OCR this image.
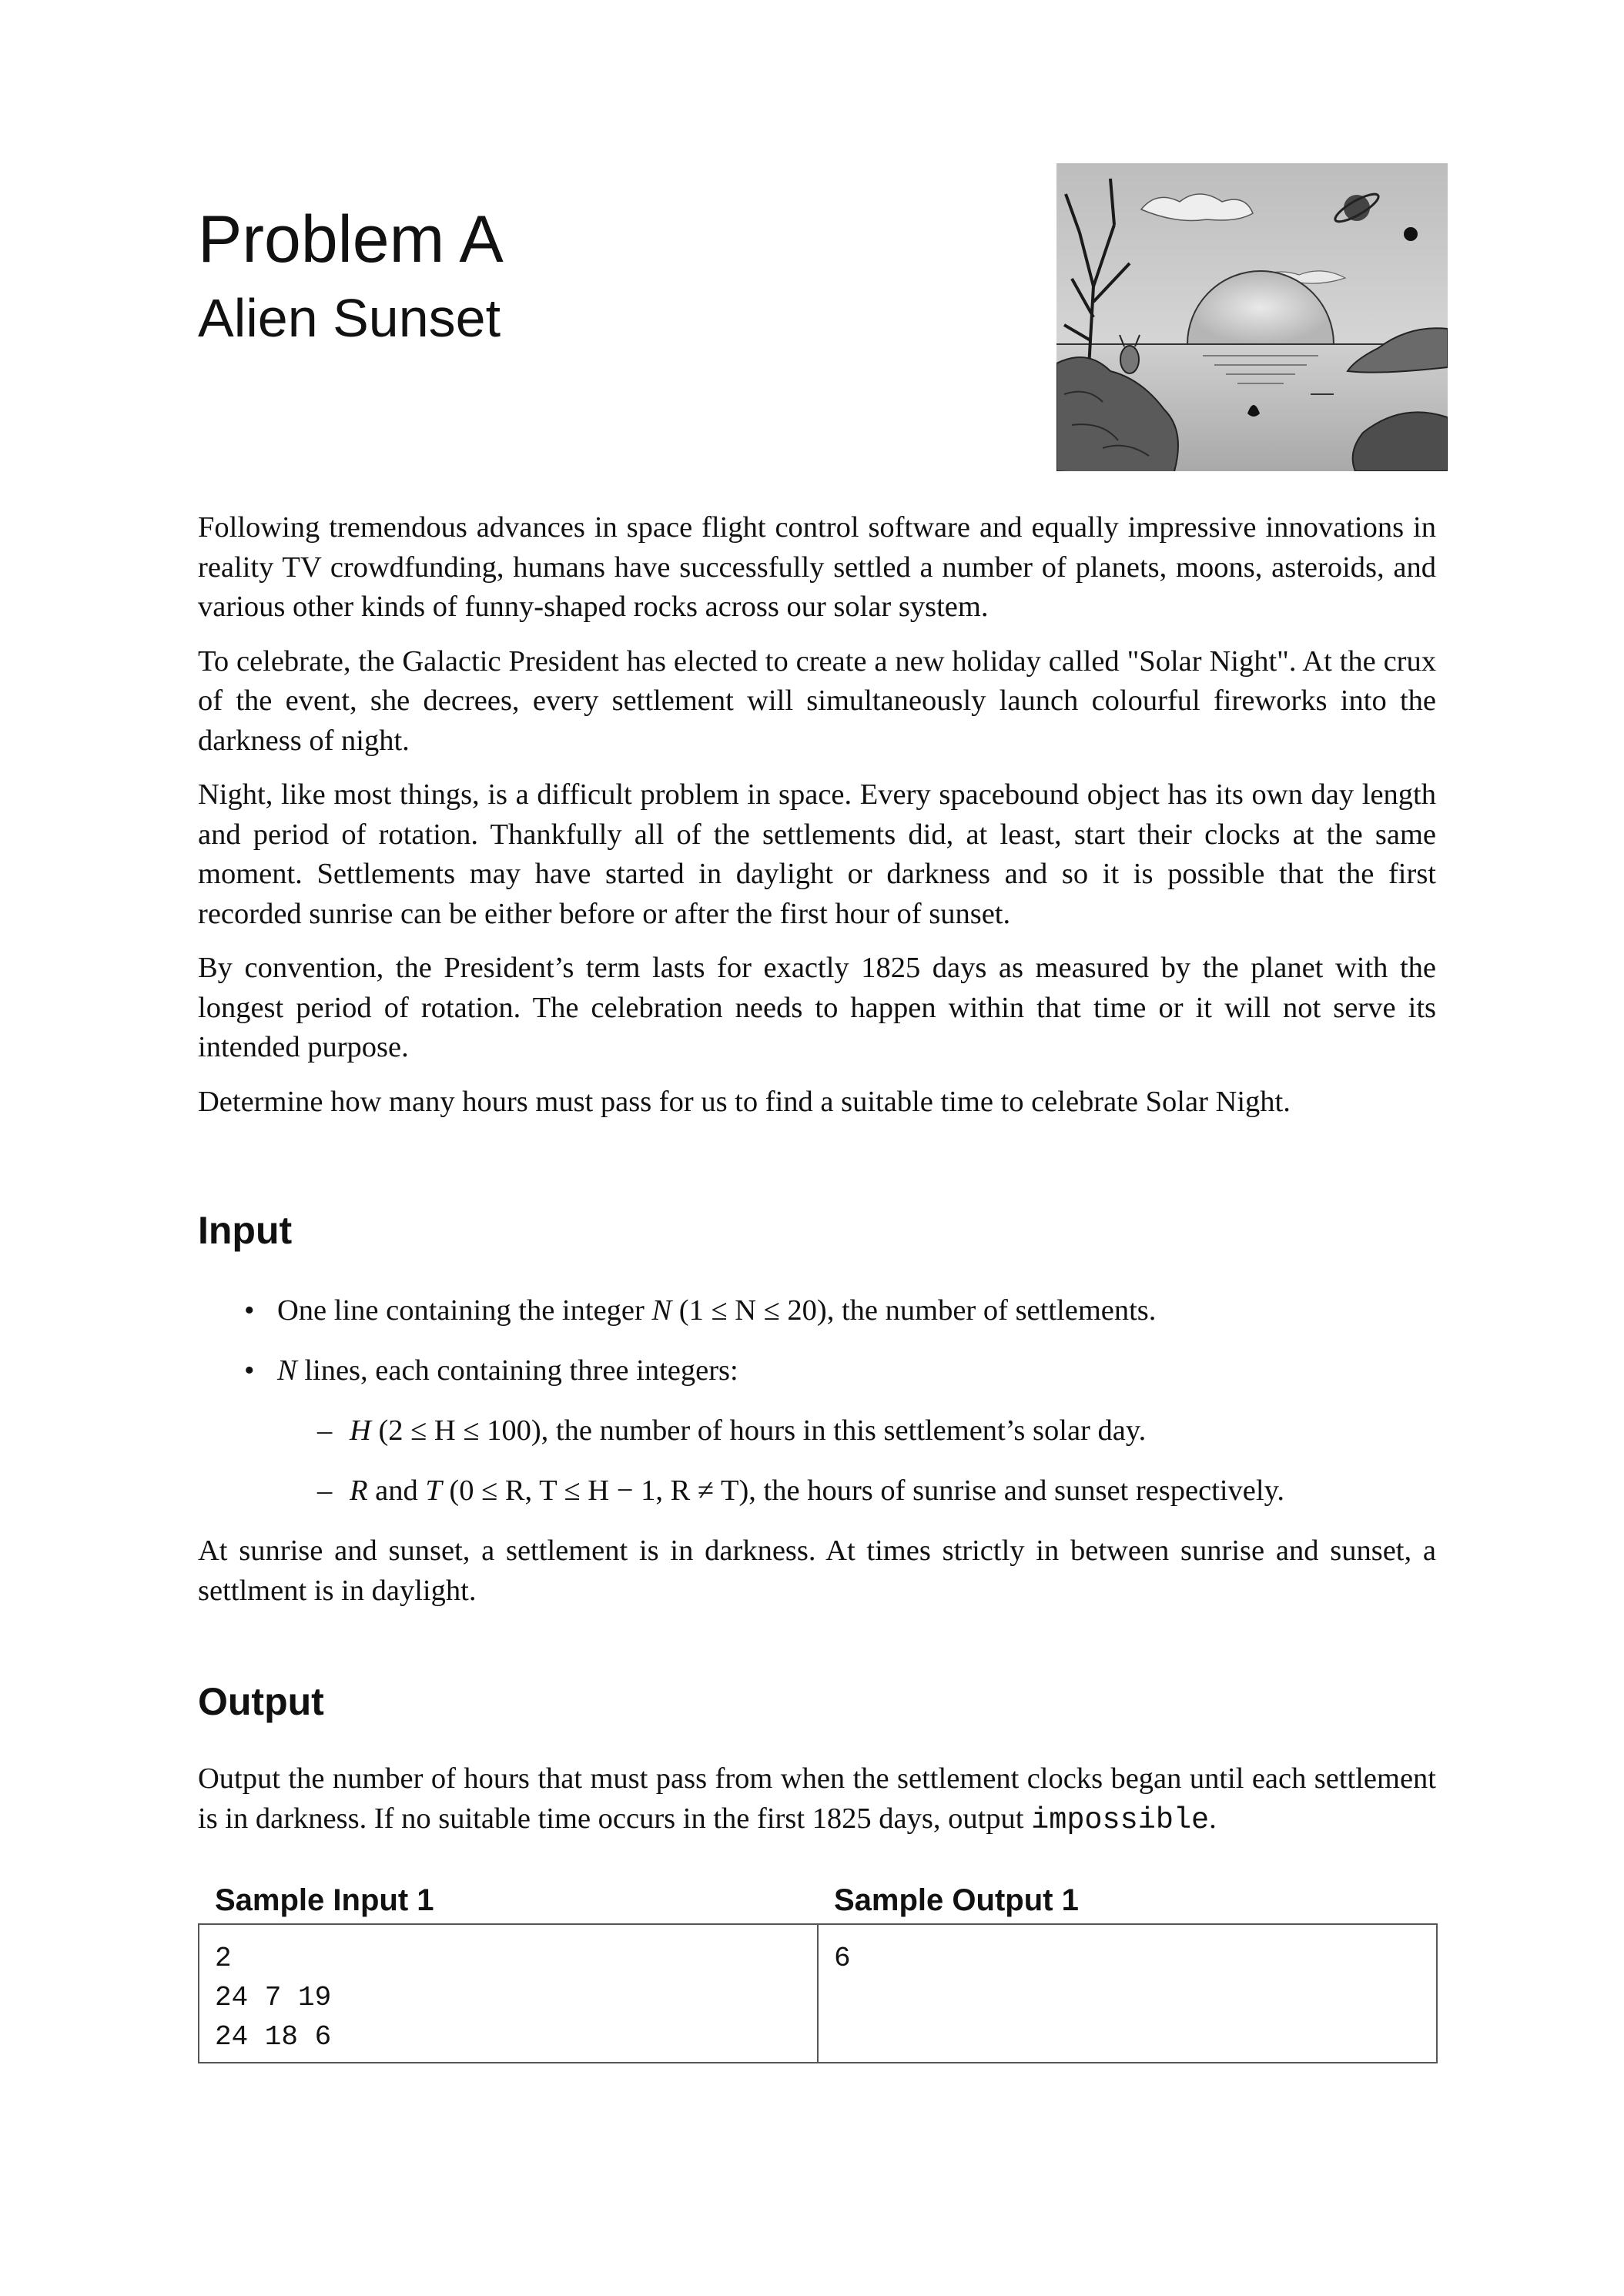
Problem A
Alien Sunset

Following tremendous advances in space flight control software and equally impressive innovations in reality TV crowdfunding, humans have successfully settled a number of planets, moons, asteroids, and various other kinds of funny-shaped rocks across our solar system.

To celebrate, the Galactic President has elected to create a new holiday called "Solar Night". At the crux of the event, she decrees, every settlement will simultaneously launch colourful fireworks into the darkness of night.

Night, like most things, is a difficult problem in space. Every spacebound object has its own day length and period of rotation. Thankfully all of the settlements did, at least, start their clocks at the same moment. Settlements may have started in daylight or darkness and so it is possible that the first recorded sunrise can be either before or after the first hour of sunset.

By convention, the President’s term lasts for exactly 1825 days as measured by the planet with the longest period of rotation. The celebration needs to happen within that time or it will not serve its intended purpose.

Determine how many hours must pass for us to find a suitable time to celebrate Solar Night.

Input
• One line containing the integer N (1 ≤ N ≤ 20), the number of settlements.
• N lines, each containing three integers:
– H (2 ≤ H ≤ 100), the number of hours in this settlement’s solar day.
– R and T (0 ≤ R, T ≤ H − 1, R ≠ T), the hours of sunrise and sunset respectively.

At sunrise and sunset, a settlement is in darkness. At times strictly in between sunrise and sunset, a settlment is in daylight.

Output

Output the number of hours that must pass from when the settlement clocks began until each settlement is in darkness. If no suitable time occurs in the first 1825 days, output impossible.

Sample Input 1	Sample Output 1
2
24 7 19
24 18 6
6
